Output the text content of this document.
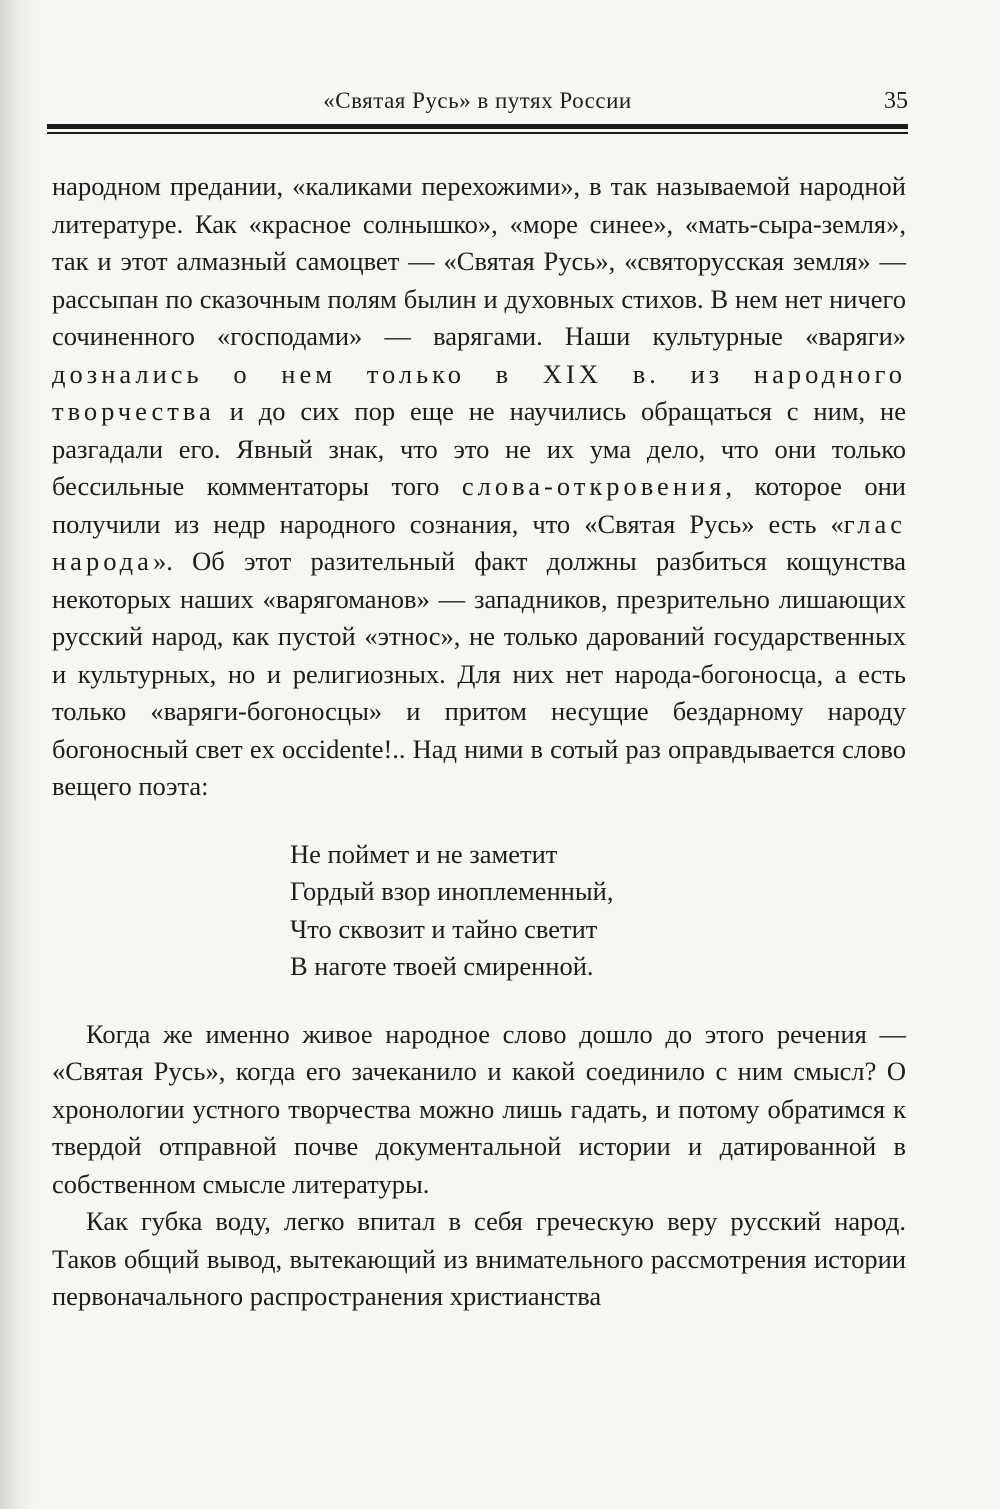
«Святая Русь» в путях России	35

народном предании, «каликами перехожими», в так называемой народной литературе. Как «красное солнышко», «море синее», «мать-сыра-земля», так и этот алмазный самоцвет — «Святая Русь», «святорусская земля» — рассыпан по сказочным полям былин и духовных стихов. В нем нет ничего сочиненного «господами» — варягами. Наши культурные «варяги» дознались о нем только в XIX в. из народного творчества и до сих пор еще не научились обращаться с ним, не разгадали его. Явный знак, что это не их ума дело, что они только бессильные комментаторы того слова-откровения, которое они получили из недр народного сознания, что «Святая Русь» есть «глас народа». Об этот разительный факт должны разбиться кощунства некоторых наших «варягоманов» — западников, презрительно лишающих русский народ, как пустой «этнос», не только дарований государственных и культурных, но и религиозных. Для них нет народа-богоносца, а есть только «варяги-богоносцы» и притом несущие бездарному народу богоносный свет ex occidente!.. Над ними в сотый раз оправдывается слово вещего поэта:

Не поймет и не заметит
Гордый взор иноплеменный,
Что сквозит и тайно светит
В наготе твоей смиренной.

Когда же именно живое народное слово дошло до этого речения — «Святая Русь», когда его зачеканило и какой соединило с ним смысл? О хронологии устного творчества можно лишь гадать, и потому обратимся к твердой отправной почве документальной истории и датированной в собственном смысле литературы.

Как губка воду, легко впитал в себя греческую веру русский народ. Таков общий вывод, вытекающий из внимательного рассмотрения истории первоначального распространения христианства
